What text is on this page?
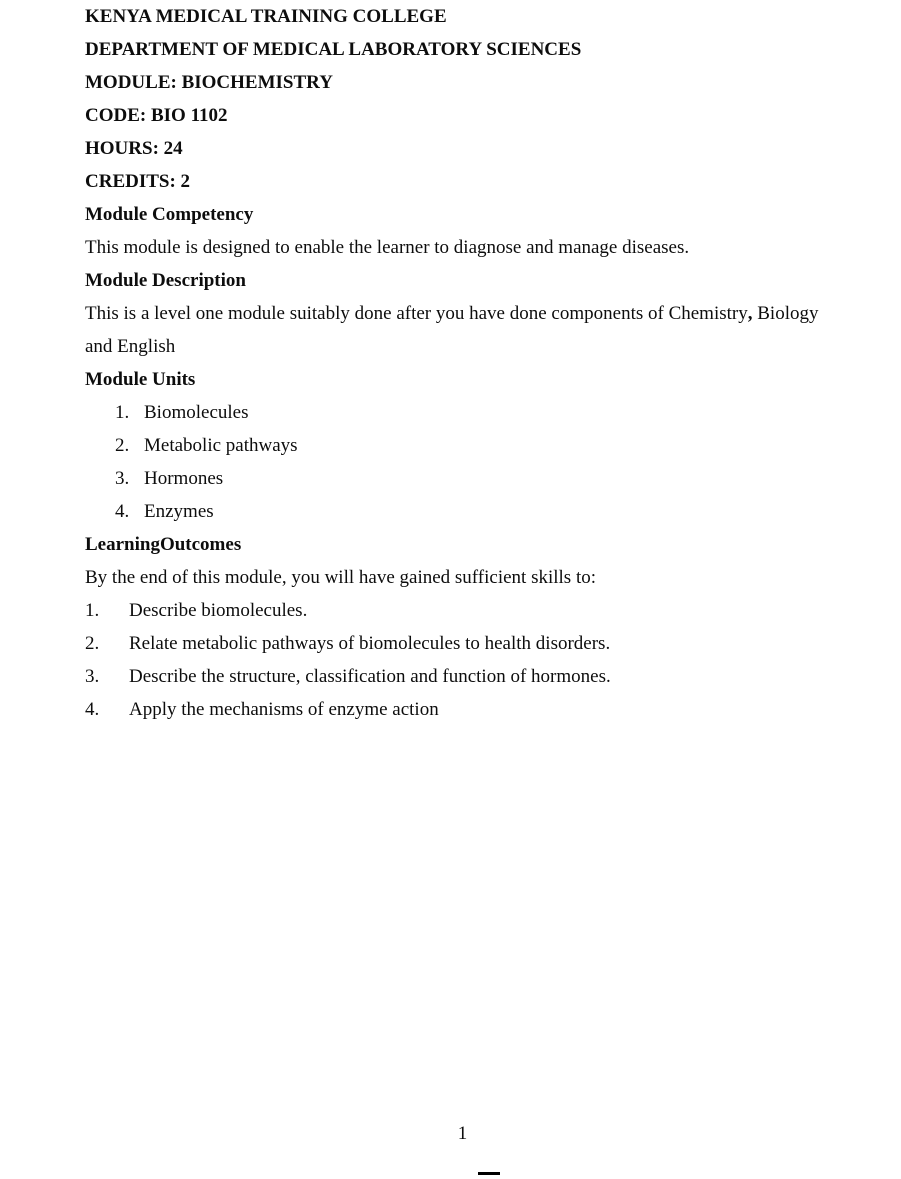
KENYA MEDICAL TRAINING COLLEGE

DEPARTMENT OF MEDICAL LABORATORY SCIENCES

MODULE: BIOCHEMISTRY

CODE: BIO 1102

HOURS: 24

CREDITS: 2

Module Competency

This module is designed to enable the learner to diagnose and manage diseases.

Module Description

This is a level one module suitably done after you have done components of Chemistry, Biology and English

Module Units

1. Biomolecules
2. Metabolic pathways
3. Hormones
4. Enzymes

LearningOutcomes

By the end of this module, you will have gained sufficient skills to:

1.	Describe biomolecules.
2.	Relate metabolic pathways of biomolecules to health disorders.
3.	Describe the structure, classification and function of hormones.
4.	Apply the mechanisms of enzyme action

1
